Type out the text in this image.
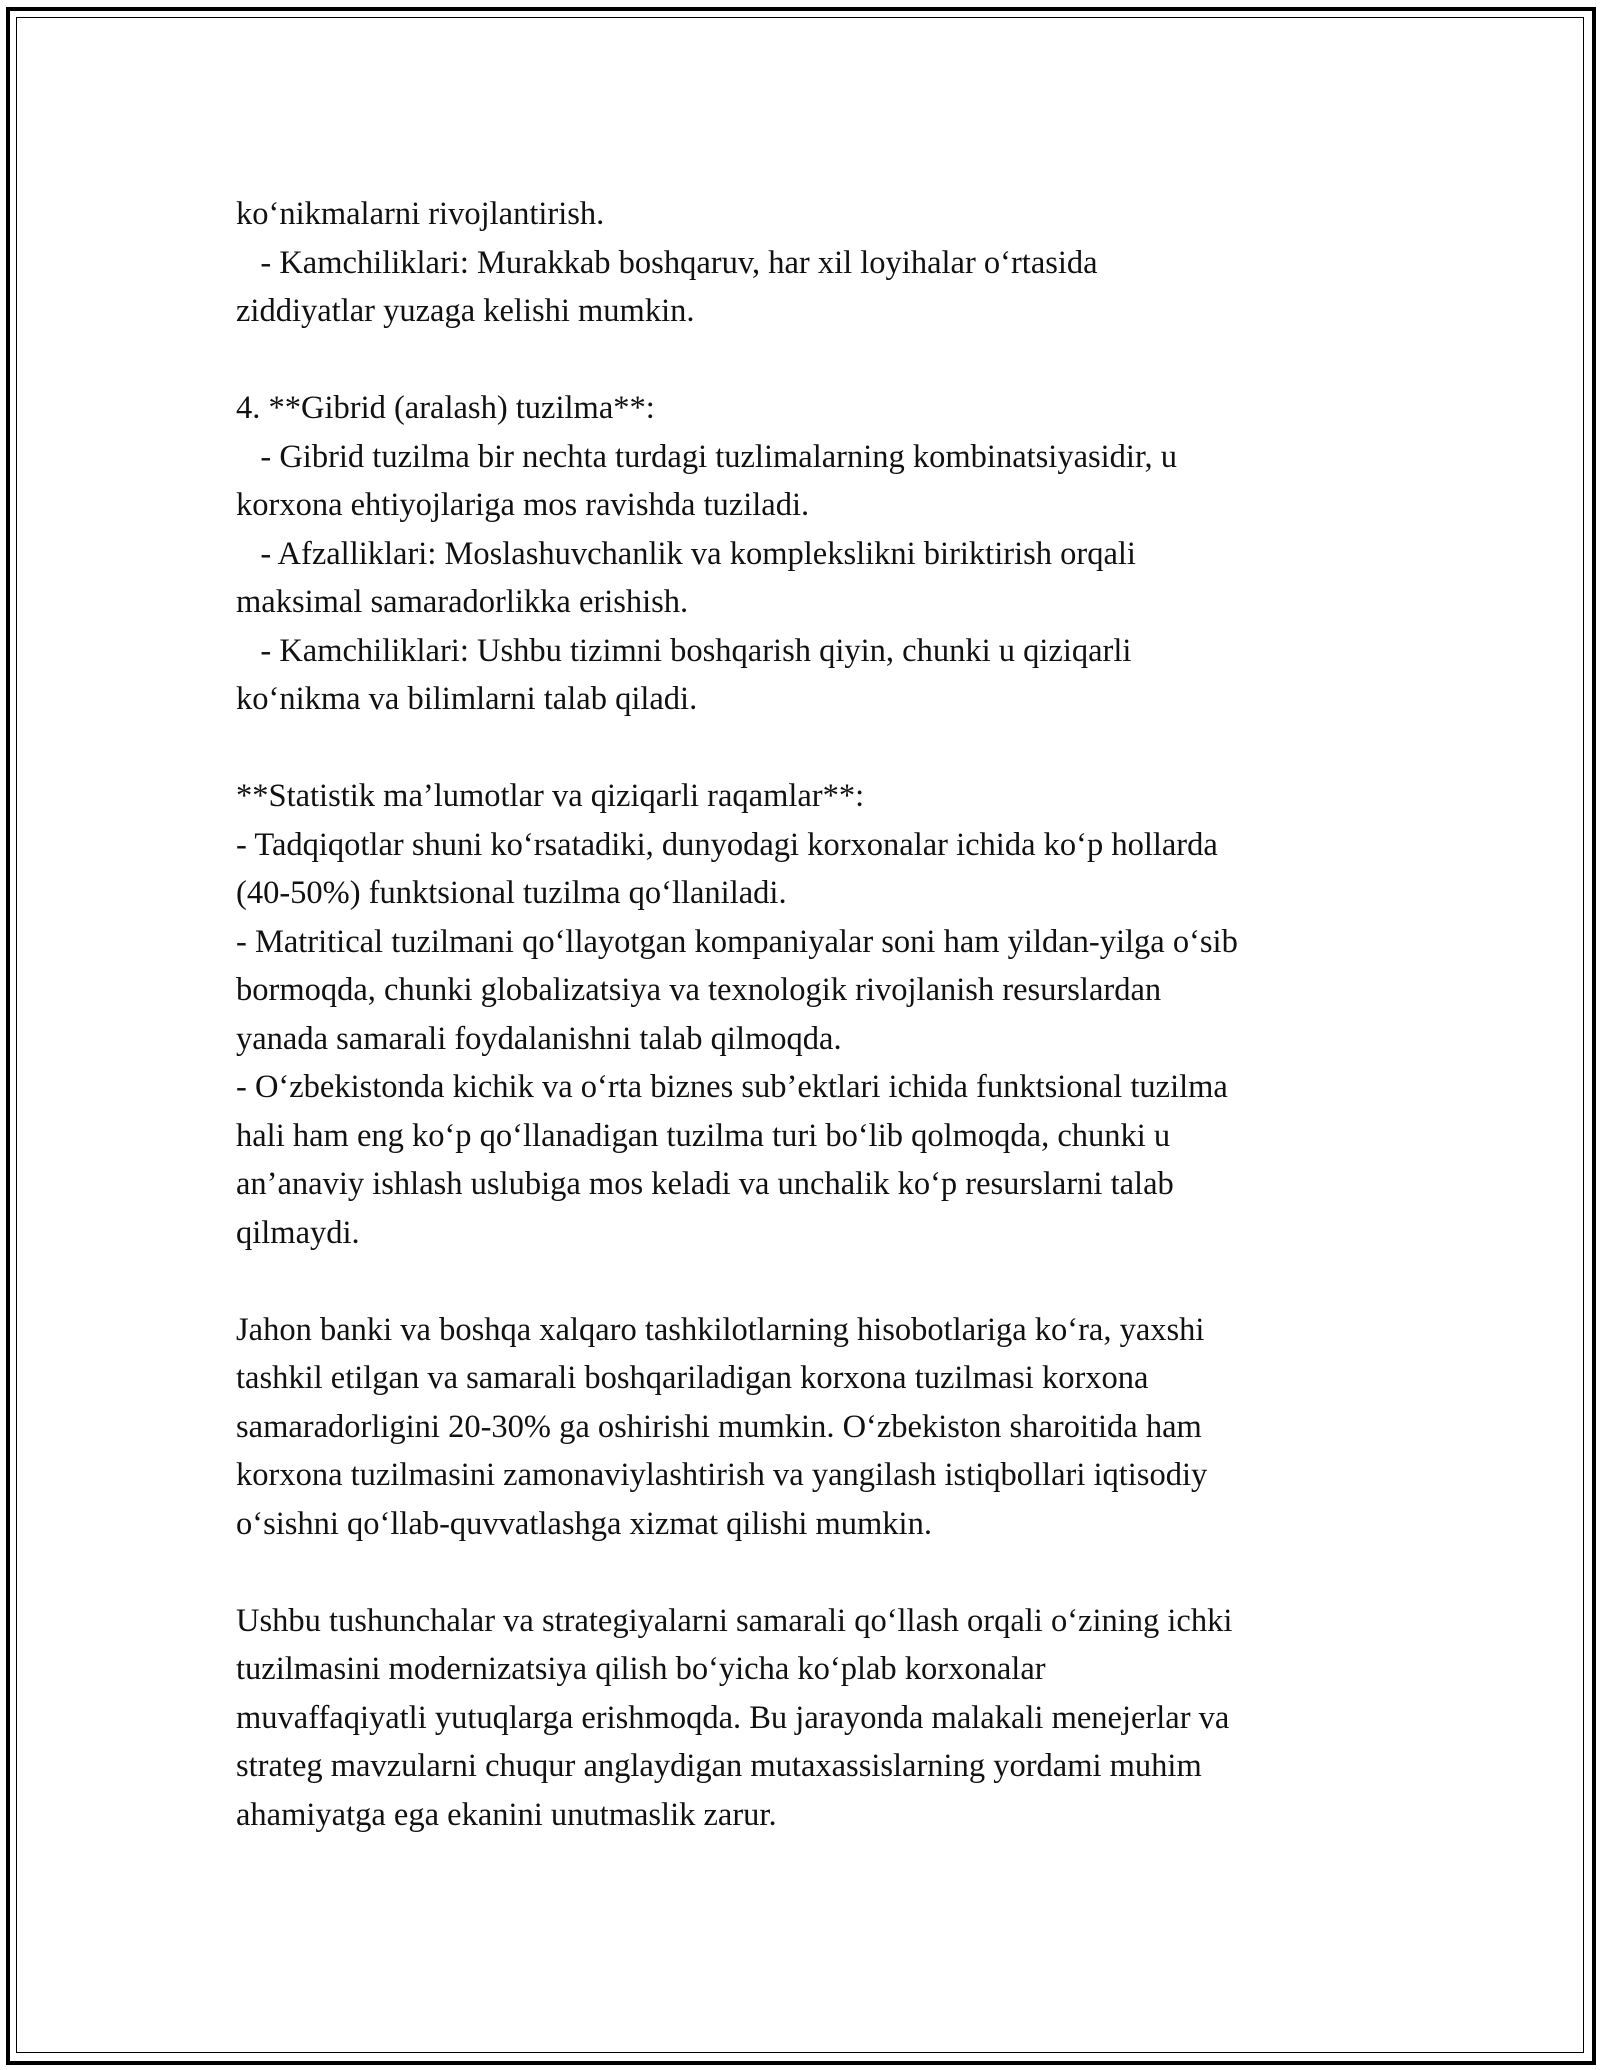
ko‘nikmalarni rivojlantirish.
- Kamchiliklari: Murakkab boshqaruv, har xil loyihalar o‘rtasida
ziddiyatlar yuzaga kelishi mumkin.

4. **Gibrid (aralash) tuzilma**:
- Gibrid tuzilma bir nechta turdagi tuzlimalarning kombinatsiyasidir, u
korxona ehtiyojlariga mos ravishda tuziladi.
- Afzalliklari: Moslashuvchanlik va komplekslikni biriktirish orqali
maksimal samaradorlikka erishish.
- Kamchiliklari: Ushbu tizimni boshqarish qiyin, chunki u qiziqarli
ko‘nikma va bilimlarni talab qiladi.

**Statistik ma’lumotlar va qiziqarli raqamlar**:
- Tadqiqotlar shuni ko‘rsatadiki, dunyodagi korxonalar ichida ko‘p hollarda
(40-50%) funktsional tuzilma qo‘llaniladi.
- Matritical tuzilmani qo‘llayotgan kompaniyalar soni ham yildan-yilga o‘sib
bormoqda, chunki globalizatsiya va texnologik rivojlanish resurslardan
yanada samarali foydalanishni talab qilmoqda.
- O‘zbekistonda kichik va o‘rta biznes sub’ektlari ichida funktsional tuzilma
hali ham eng ko‘p qo‘llanadigan tuzilma turi bo‘lib qolmoqda, chunki u
an’anaviy ishlash uslubiga mos keladi va unchalik ko‘p resurslarni talab
qilmaydi.

Jahon banki va boshqa xalqaro tashkilotlarning hisobotlariga ko‘ra, yaxshi
tashkil etilgan va samarali boshqariladigan korxona tuzilmasi korxona
samaradorligini 20-30% ga oshirishi mumkin. O‘zbekiston sharoitida ham
korxona tuzilmasini zamonaviylashtirish va yangilash istiqbollari iqtisodiy
o‘sishni qo‘llab-quvvatlashga xizmat qilishi mumkin.

Ushbu tushunchalar va strategiyalarni samarali qo‘llash orqali o‘zining ichki
tuzilmasini modernizatsiya qilish bo‘yicha ko‘plab korxonalar
muvaffaqiyatli yutuqlarga erishmoqda. Bu jarayonda malakali menejerlar va
strateg mavzularni chuqur anglaydigan mutaxassislarning yordami muhim
ahamiyatga ega ekanini unutmaslik zarur.
